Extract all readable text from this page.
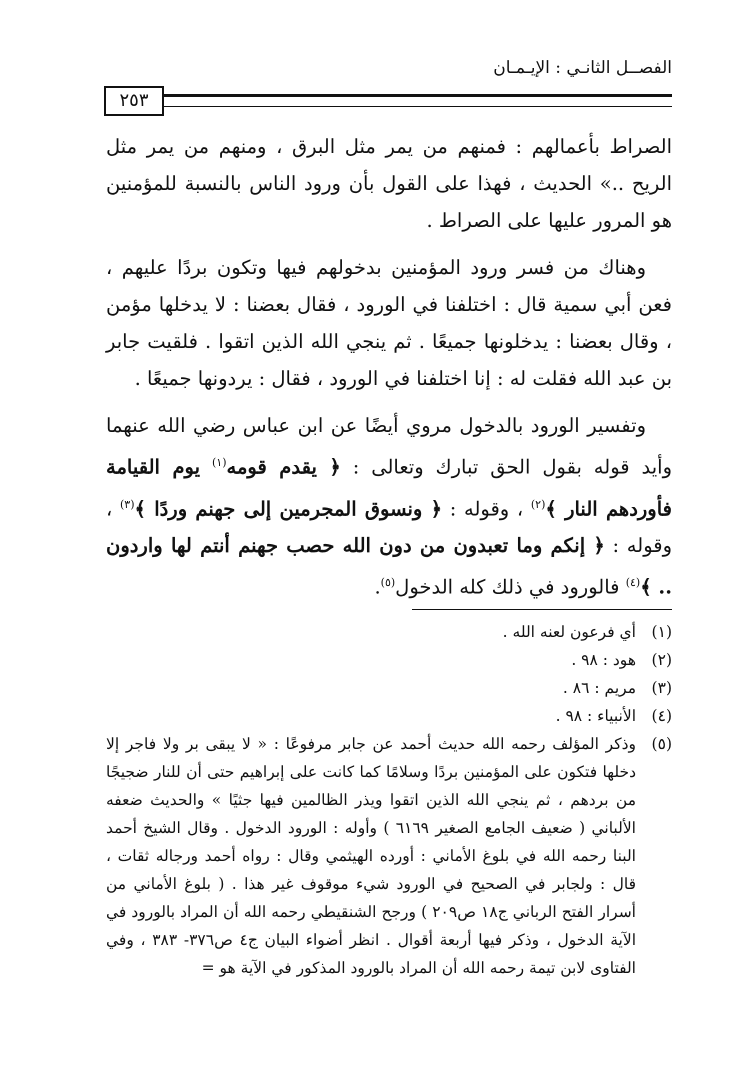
الفصــل الثانـي : الإيـمـان
٢٥٣

الصراط بأعمالهم : فمنهم من يمر مثل البرق ، ومنهم من يمر مثل الريح ..» الحديث ، فهذا على القول بأن ورود الناس بالنسبة للمؤمنين هو المرور عليها على الصراط .

وهناك من فسر ورود المؤمنين بدخولهم فيها وتكون بردًا عليهم ، فعن أبي سمية قال : اختلفنا في الورود ، فقال بعضنا : لا يدخلها مؤمن ، وقال بعضنا : يدخلونها جميعًا . ثم ينجي الله الذين اتقوا . فلقيت جابر بن عبد الله فقلت له : إنا اختلفنا في الورود ، فقال : يردونها جميعًا .

وتفسير الورود بالدخول مروي أيضًا عن ابن عباس رضي الله عنهما وأيد قوله بقول الحق تبارك وتعالى : ﴿ يقدم قومه$^{(١)}$ يوم القيامة فأوردهم النار ﴾$^{(٢)}$ ، وقوله : ﴿ ونسوق المجرمين إلى جهنم وردًا ﴾$^{(٣)}$ ، وقوله : ﴿ إنكم وما تعبدون من دون الله حصب جهنم أنتم لها واردون .. ﴾$^{(٤)}$ فالورود في ذلك كله الدخول$^{(٥)}$.

(١)
أي فرعون لعنه الله .
(٢)
هود : ٩٨ .
(٣)
مريم : ٨٦ .
(٤)
الأنبياء : ٩٨ .
(٥)
وذكر المؤلف رحمه الله حديث أحمد عن جابر مرفوعًا : « لا يبقى بر ولا فاجر إلا دخلها فتكون على المؤمنين بردًا وسلامًا كما كانت على إبراهيم حتى أن للنار ضجيجًا من بردهم ، ثم ينجي الله الذين اتقوا ويذر الظالمين فيها جثيًا » والحديث ضعفه الألباني ( ضعيف الجامع الصغير ٦١٦٩ ) وأوله : الورود الدخول . وقال الشيخ أحمد البنا رحمه الله في بلوغ الأماني : أورده الهيثمي وقال : رواه أحمد ورجاله ثقات ، قال : ولجابر في الصحيح في الورود شيء موقوف غير هذا . ( بلوغ الأماني من أسرار الفتح الرباني ج١٨ ص٢٠٩ ) ورجح الشنقيطي رحمه الله أن المراد بالورود في الآية الدخول ، وذكر فيها أربعة أقوال . انظر أضواء البيان ج٤ ص٣٧٦- ٣٨٣ ، وفي الفتاوى لابن تيمة رحمه الله أن المراد بالورود المذكور في الآية هو =
